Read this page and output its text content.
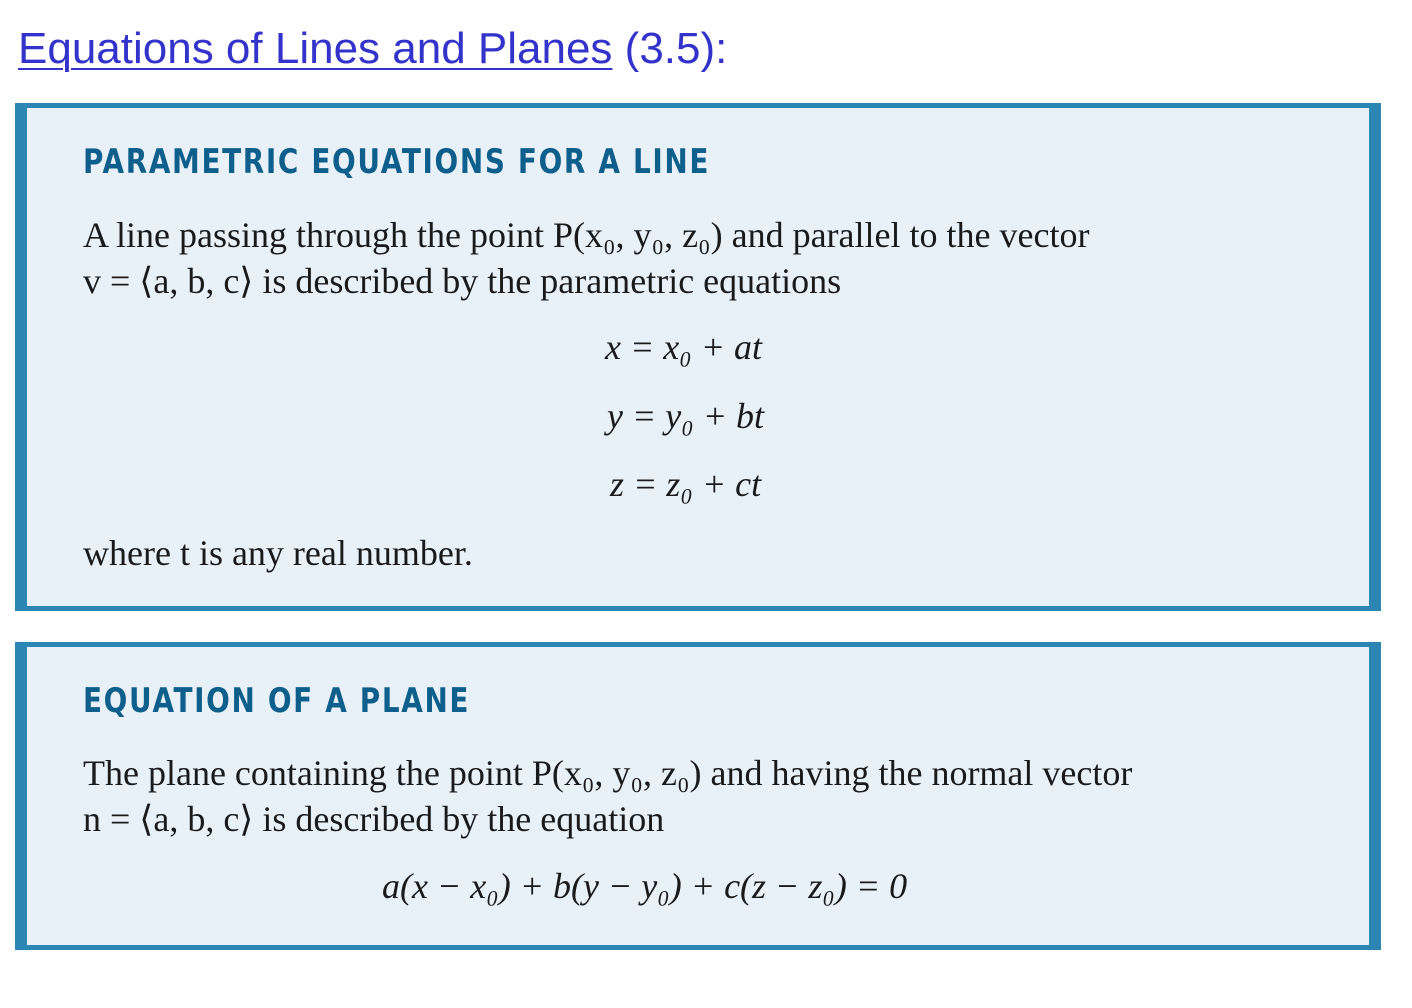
Equations of Lines and Planes (3.5):
PARAMETRIC EQUATIONS FOR A LINE
A line passing through the point P(x₀, y₀, z₀) and parallel to the vector
v = ⟨a, b, c⟩ is described by the parametric equations
x = x₀ + at
y = y₀ + bt
z = z₀ + ct
where t is any real number.
EQUATION OF A PLANE
The plane containing the point P(x₀, y₀, z₀) and having the normal vector
n = ⟨a, b, c⟩ is described by the equation
a(x − x₀) + b(y − y₀) + c(z − z₀) = 0
